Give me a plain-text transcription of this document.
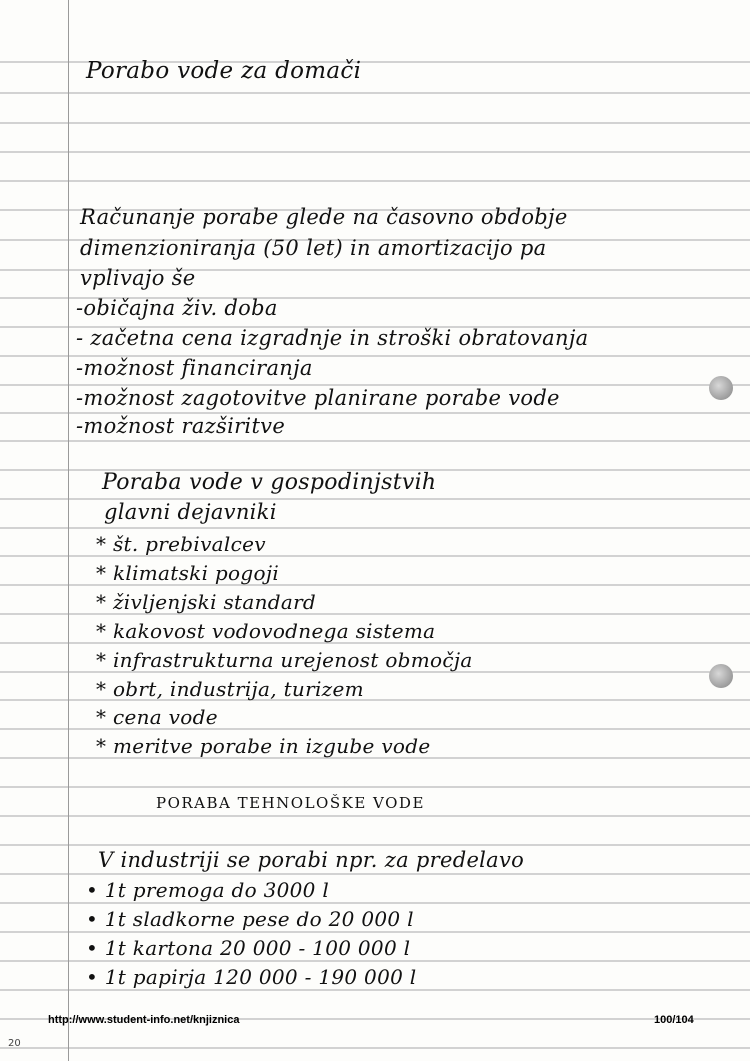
Porabo vode za domači
Računanje porabe glede na časovno obdobje
dimenzioniranja (50 let) in amortizacijo pa
vplivajo še
-običajna živ. doba
- začetna cena izgradnje in stroški obratovanja
-možnost financiranja
-možnost zagotovitve planirane porabe vode
-možnost razširitve
Poraba vode v gospodinjstvih
glavni dejavniki
* št. prebivalcev
* klimatski pogoji
* življenjski standard
* kakovost vodovodnega sistema
* infrastrukturna urejenost območja
* obrt, industrija, turizem
* cena vode
* meritve porabe in izgube vode
PORABA TEHNOLOŠKE VODE
V industriji se porabi npr. za predelavo
• 1t premoga do 3000 l
• 1t sladkorne pese do 20 000 l
• 1t kartona 20 000 - 100 000 l
• 1t papirja 120 000 - 190 000 l
http://www.student-info.net/knjiznica	100/104
20
